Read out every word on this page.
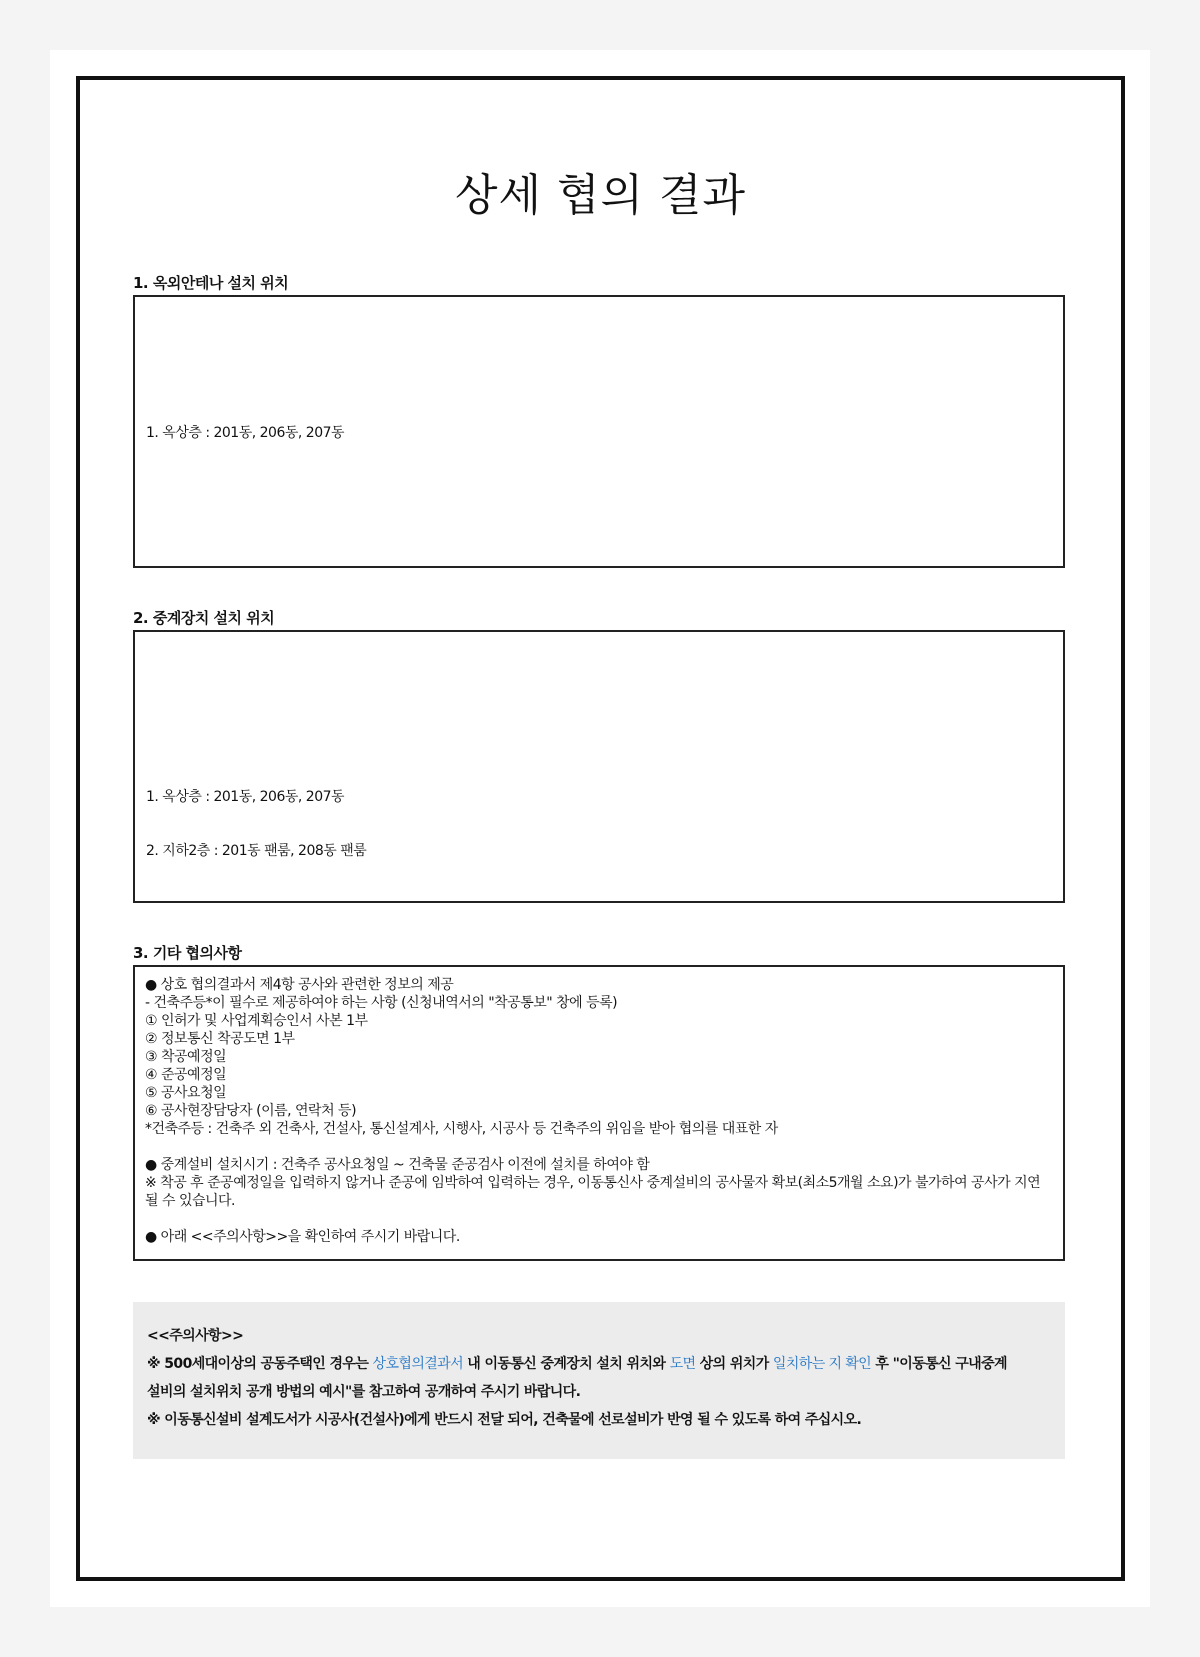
상세 협의 결과
1. 옥외안테나 설치 위치
1. 옥상층 : 201동, 206동, 207동
2. 중계장치 설치 위치

1. 옥상층 : 201동, 206동, 207동

2. 지하2층 : 201동 팬룸, 208동 팬룸

3. 기타 협의사항
● 상호 협의결과서 제4항 공사와 관련한 정보의 제공
- 건축주등*이 필수로 제공하여야 하는 사항 (신청내역서의 "착공통보" 창에 등록)
① 인허가 및 사업계획승인서 사본 1부
② 정보통신 착공도면 1부
③ 착공예정일
④ 준공예정일
⑤ 공사요청일
⑥ 공사현장담당자 (이름, 연락처 등)
*건축주등 : 건축주 외 건축사, 건설사, 통신설계사, 시행사, 시공사 등 건축주의 위임을 받아 협의를 대표한 자
● 중계설비 설치시기 : 건축주 공사요청일 ~ 건축물 준공검사 이전에 설치를 하여야 함
※ 착공 후 준공예정일을 입력하지 않거나 준공에 임박하여 입력하는 경우, 이동통신사 중계설비의 공사물자 확보(최소5개월 소요)가 불가하여 공사가 지연 될 수 있습니다.
● 아래 <<주의사항>>을 확인하여 주시기 바랍니다.
<<주의사항>>
※ 500세대이상의 공동주택인 경우는 상호협의결과서 내 이동통신 중계장치 설치 위치와 도면 상의 위치가 일치하는 지 확인 후 "이동통신 구내중계
설비의 설치위치 공개 방법의 예시"를 참고하여 공개하여 주시기 바랍니다.
※ 이동통신설비 설계도서가 시공사(건설사)에게 반드시 전달 되어, 건축물에 선로설비가 반영 될 수 있도록 하여 주십시오.
